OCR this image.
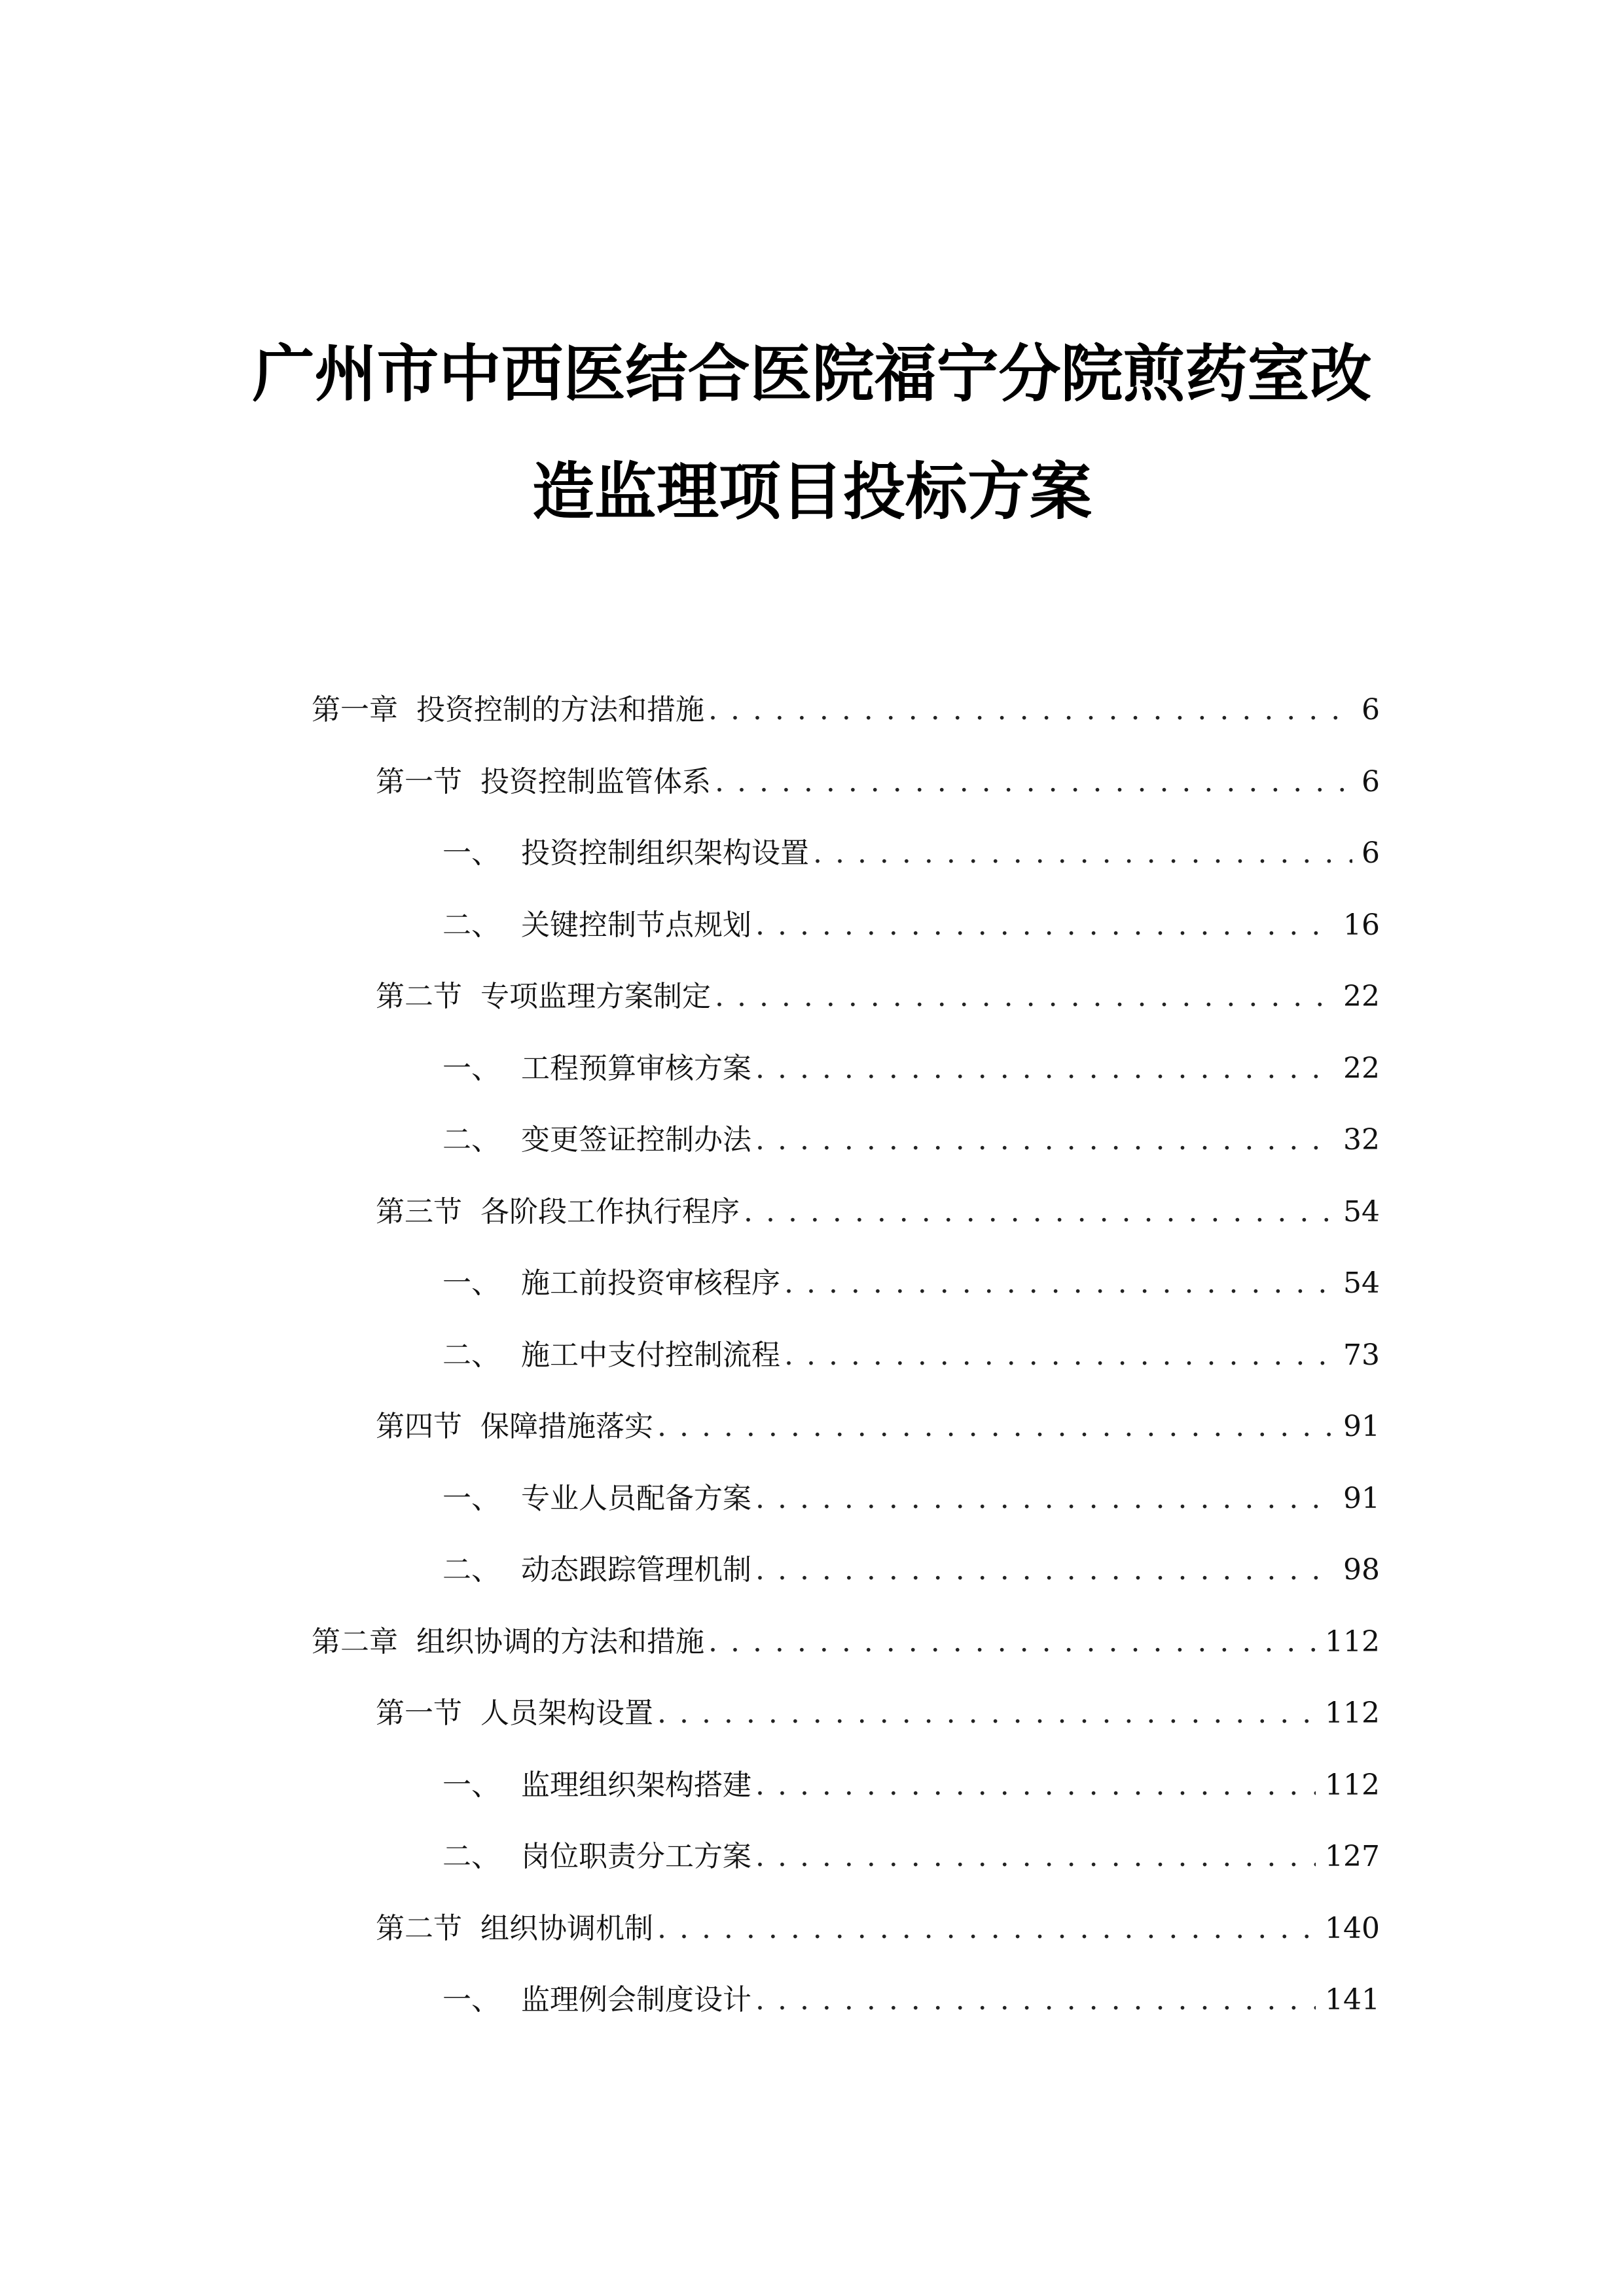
广州市中西医结合医院福宁分院煎药室改
造监理项目投标方案
第一章 投资控制的方法和措施 . . .	6
第一节 投资控制监管体系 . . .	6
一、 投资控制组织架构设置 . . .	6
二、 关键控制节点规划 . . .	16
第二节 专项监理方案制定 . . .	22
一、 工程预算审核方案 . . .	22
二、 变更签证控制办法 . . .	32
第三节 各阶段工作执行程序 . . .	54
一、 施工前投资审核程序 . . .	54
二、 施工中支付控制流程 . . .	73
第四节 保障措施落实 . . .	91
一、 专业人员配备方案 . . .	91
二、 动态跟踪管理机制 . . .	98
第二章 组织协调的方法和措施 . . .	112
第一节 人员架构设置 . . .	112
一、 监理组织架构搭建 . . .	112
二、 岗位职责分工方案 . . .	127
第二节 组织协调机制 . . .	140
一、 监理例会制度设计 . . .	141
